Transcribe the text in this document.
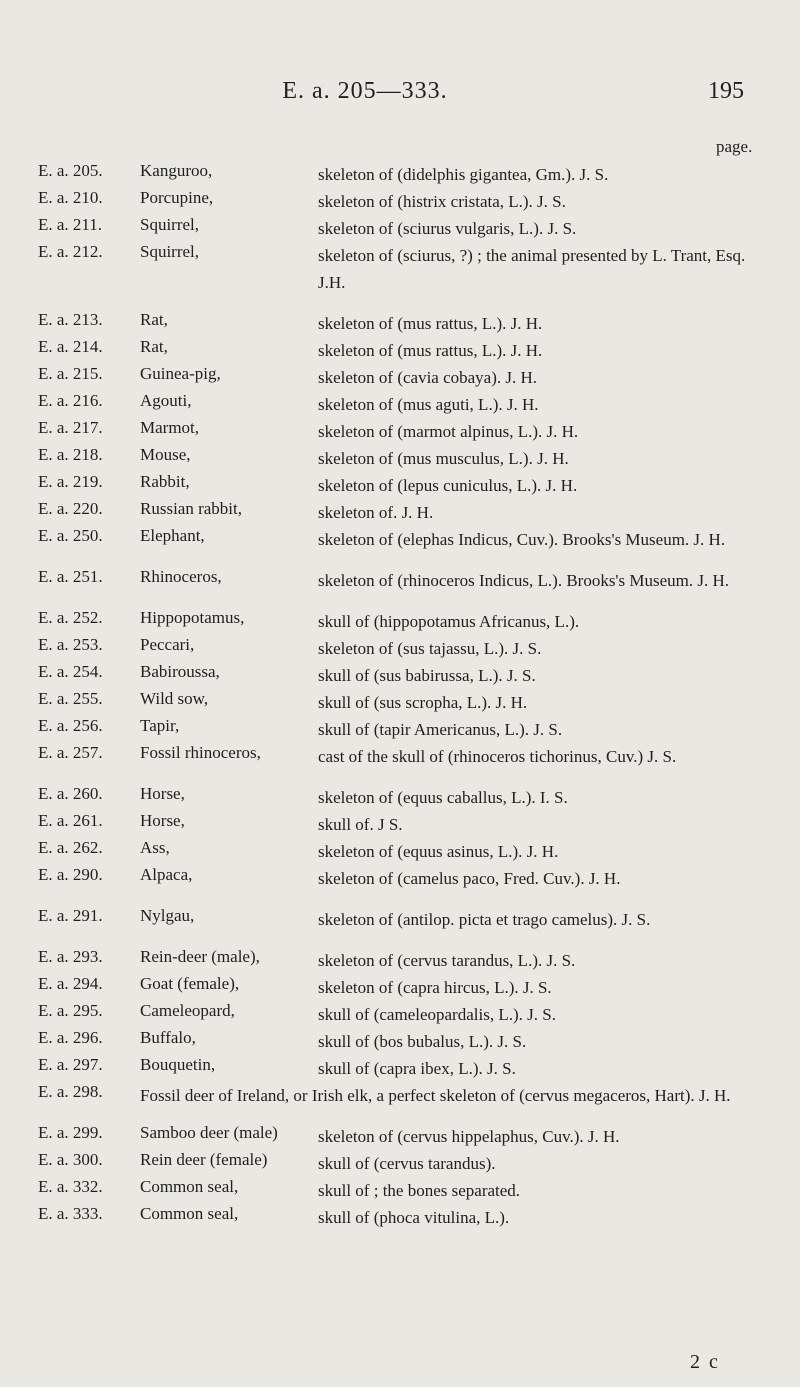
E. a. 205—333.	195
page.
E. a. 205.	Kanguroo,	skeleton of (didelphis gigantea, Gm.). J. S.
E. a. 210.	Porcupine,	skeleton of (histrix cristata, L.). J. S.
E. a. 211.	Squirrel,	skeleton of (sciurus vulgaris, L.). J. S.
E. a. 212.	Squirrel,	skeleton of (sciurus, ?) ; the animal presented by L. Trant, Esq. J.H.
E. a. 213.	Rat,	skeleton of (mus rattus, L.). J. H.
E. a. 214.	Rat,	skeleton of (mus rattus, L.). J. H.
E. a. 215.	Guinea-pig,	skeleton of (cavia cobaya). J. H.
E. a. 216.	Agouti,	skeleton of (mus aguti, L.). J. H.
E. a. 217.	Marmot,	skeleton of (marmot alpinus, L.). J. H.
E. a. 218.	Mouse,	skeleton of (mus musculus, L.). J. H.
E. a. 219.	Rabbit,	skeleton of (lepus cuniculus, L.). J. H.
E. a. 220.	Russian rabbit,	skeleton of. J. H.
E. a. 250.	Elephant,	skeleton of (elephas Indicus, Cuv.). Brooks's Museum. J. H.
E. a. 251.	Rhinoceros,	skeleton of (rhinoceros Indicus, L.). Brooks's Museum. J. H.
E. a. 252.	Hippopotamus,	skull of (hippopotamus Africanus, L.).
E. a. 253.	Peccari,	skeleton of (sus tajassu, L.). J. S.
E. a. 254.	Babiroussa,	skull of (sus babirussa, L.). J. S.
E. a. 255.	Wild sow,	skull of (sus scropha, L.). J. H.
E. a. 256.	Tapir,	skull of (tapir Americanus, L.). J. S.
E. a. 257.	Fossil rhinoceros,	cast of the skull of (rhinoceros tichorinus, Cuv.) J. S.
E. a. 260.	Horse,	skeleton of (equus caballus, L.). I. S.
E. a. 261.	Horse,	skull of. J S.
E. a. 262.	Ass,	skeleton of (equus asinus, L.). J. H.
E. a. 290.	Alpaca,	skeleton of (camelus paco, Fred. Cuv.). J. H.
E. a. 291.	Nylgau,	skeleton of (antilop. picta et trago camelus). J. S.
E. a. 293.	Rein-deer (male),	skeleton of (cervus tarandus, L.). J. S.
E. a. 294.	Goat (female),	skeleton of (capra hircus, L.). J. S.
E. a. 295.	Cameleopard,	skull of (cameleopardalis, L.). J. S.
E. a. 296.	Buffalo,	skull of (bos bubalus, L.). J. S.
E. a. 297.	Bouquetin,	skull of (capra ibex, L.). J. S.
E. a. 298.	Fossil deer of Ireland, or Irish elk, a perfect skeleton of (cervus megaceros, Hart). J. H.
E. a. 299.	Samboo deer (male)	skeleton of (cervus hippelaphus, Cuv.). J. H.
E. a. 300.	Rein deer (female)	skull of (cervus tarandus).
E. a. 332.	Common seal,	skull of ; the bones separated.
E. a. 333.	Common seal,	skull of (phoca vitulina, L.).
2 c
